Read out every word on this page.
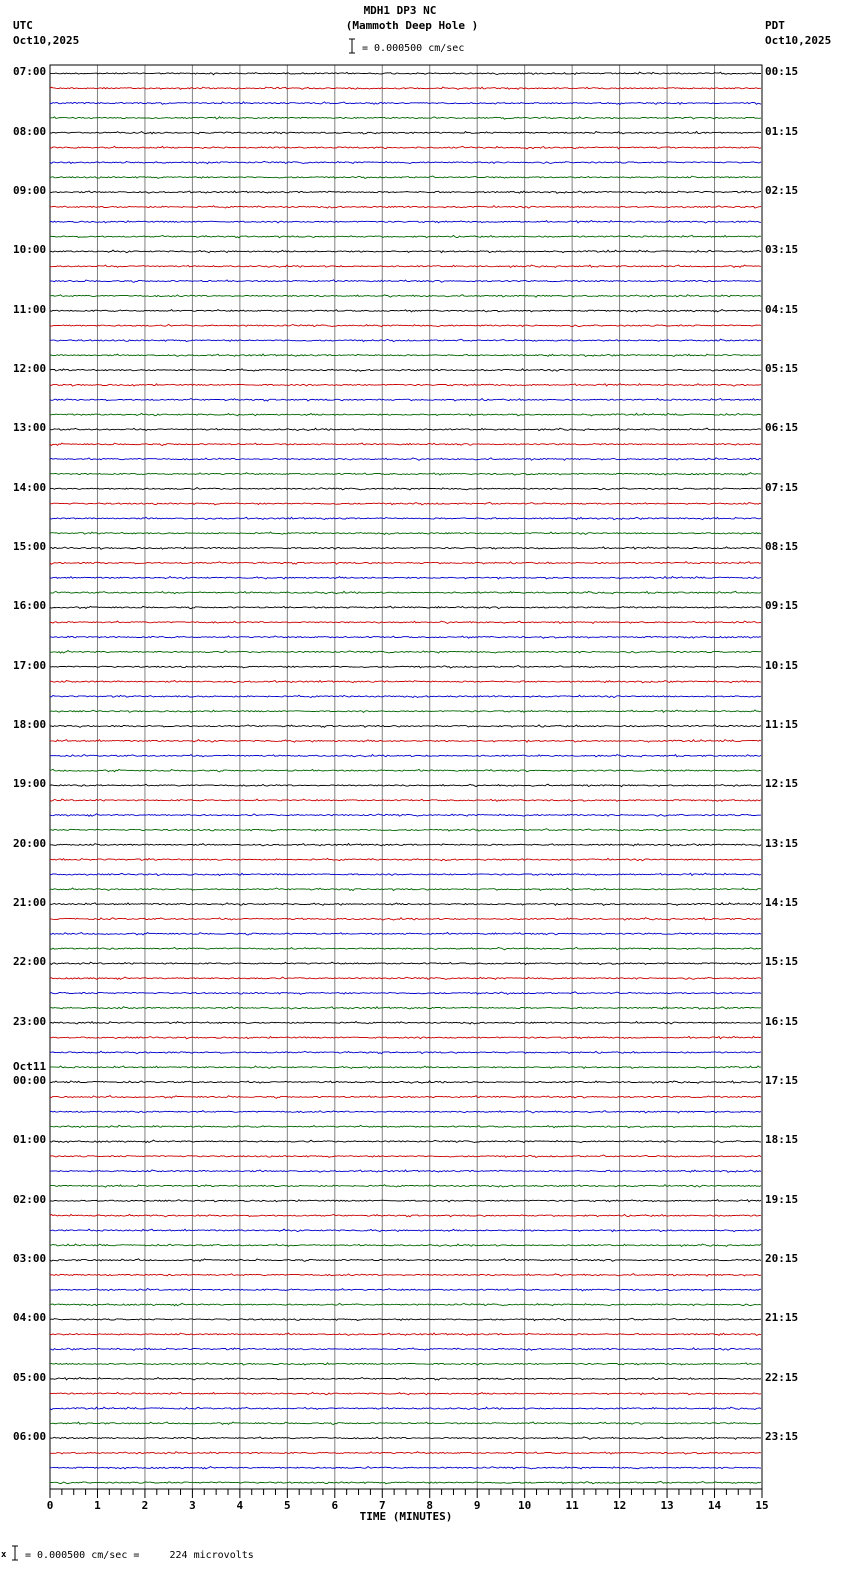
MDH1 DP3 NC
(Mammoth Deep Hole )
= 0.000500 cm/sec
UTC
Oct10,2025
PDT
Oct10,2025
0	1	2	3	4	5	6	7	8	9	10	11	12	13	14	15
TIME (MINUTES)
07:00
08:00
09:00
10:00
11:00
12:00
13:00
14:00
15:00
16:00
17:00
18:00
19:00
20:00
21:00
22:00
23:00
00:00
Oct11
01:00
02:00
03:00
04:00
05:00
06:00
00:15
01:15
02:15
03:15
04:15
05:15
06:15
07:15
08:15
09:15
10:15
11:15
12:15
13:15
14:15
15:15
16:15
17:15
18:15
19:15
20:15
21:15
22:15
23:15
x = 0.000500 cm/sec =     224 microvolts
